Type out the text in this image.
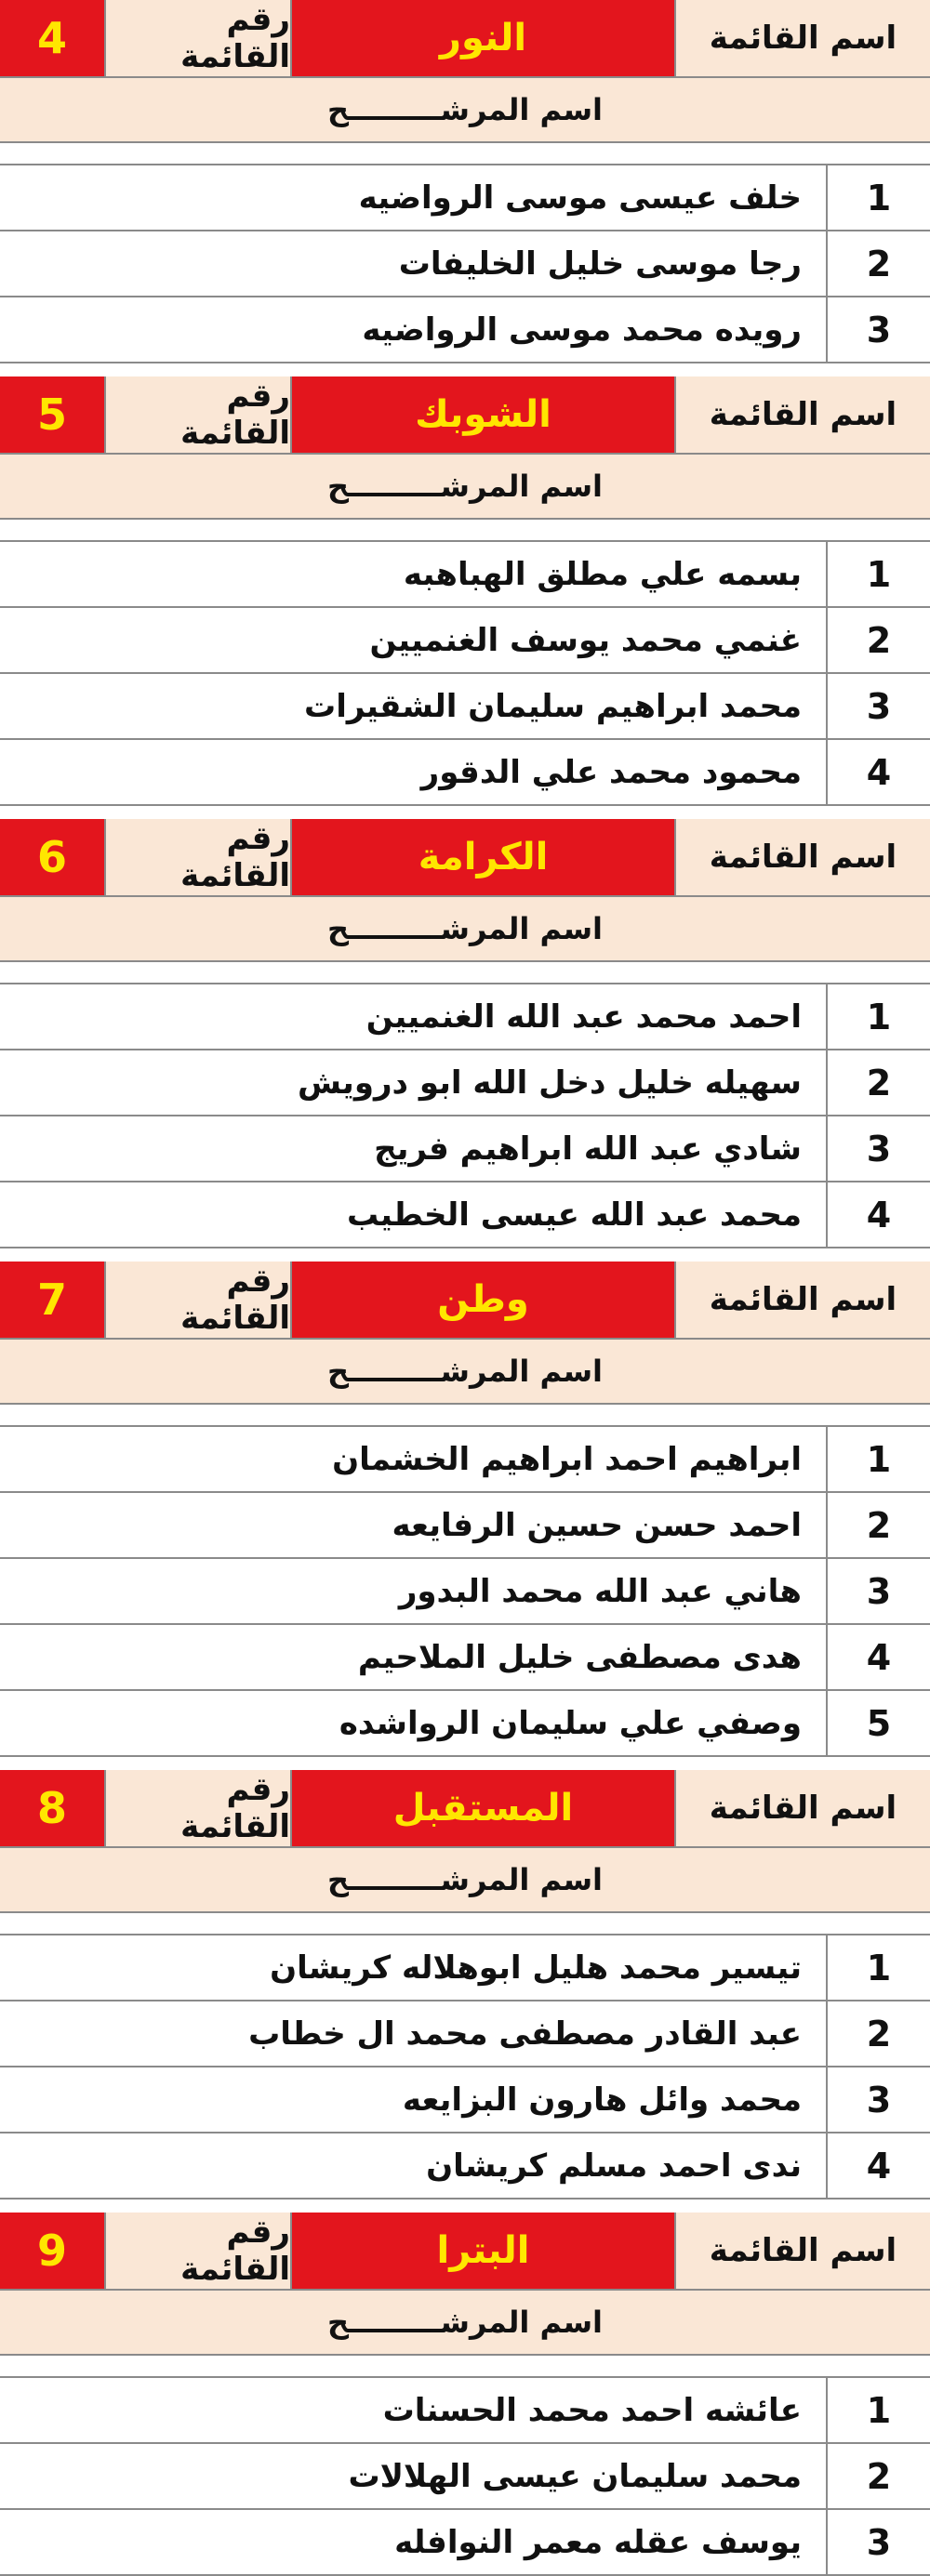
اسم القائمة
النور
رقم القائمة
4
اسم المرشـــــــــح
1
خلف عيسى موسى الرواضيه
2
رجا موسى خليل الخليفات
3
رويده محمد موسى الرواضيه
اسم القائمة
الشوبك
رقم القائمة
5
اسم المرشـــــــــح
1
بسمه علي مطلق الهباهبه
2
غنمي محمد يوسف الغنميين
3
محمد ابراهيم سليمان الشقيرات
4
محمود محمد علي الدقور
اسم القائمة
الكرامة
رقم القائمة
6
اسم المرشـــــــــح
1
احمد محمد عبد الله الغنميين
2
سهيله خليل دخل الله ابو درويش
3
شادي عبد الله ابراهيم فريج
4
محمد عبد الله عيسى الخطيب
اسم القائمة
وطن
رقم القائمة
7
اسم المرشـــــــــح
1
ابراهيم احمد ابراهيم الخشمان
2
احمد حسن حسين الرفايعه
3
هاني عبد الله محمد البدور
4
هدى مصطفى خليل الملاحيم
5
وصفي علي سليمان الرواشده
اسم القائمة
المستقبل
رقم القائمة
8
اسم المرشـــــــــح
1
تيسير محمد هليل ابوهلاله كريشان
2
عبد القادر مصطفى محمد ال خطاب
3
محمد وائل هارون البزايعه
4
ندى احمد مسلم كريشان
اسم القائمة
البترا
رقم القائمة
9
اسم المرشـــــــــح
1
عائشه احمد محمد الحسنات
2
محمد سليمان عيسى الهلالات
3
يوسف عقله معمر النوافله
